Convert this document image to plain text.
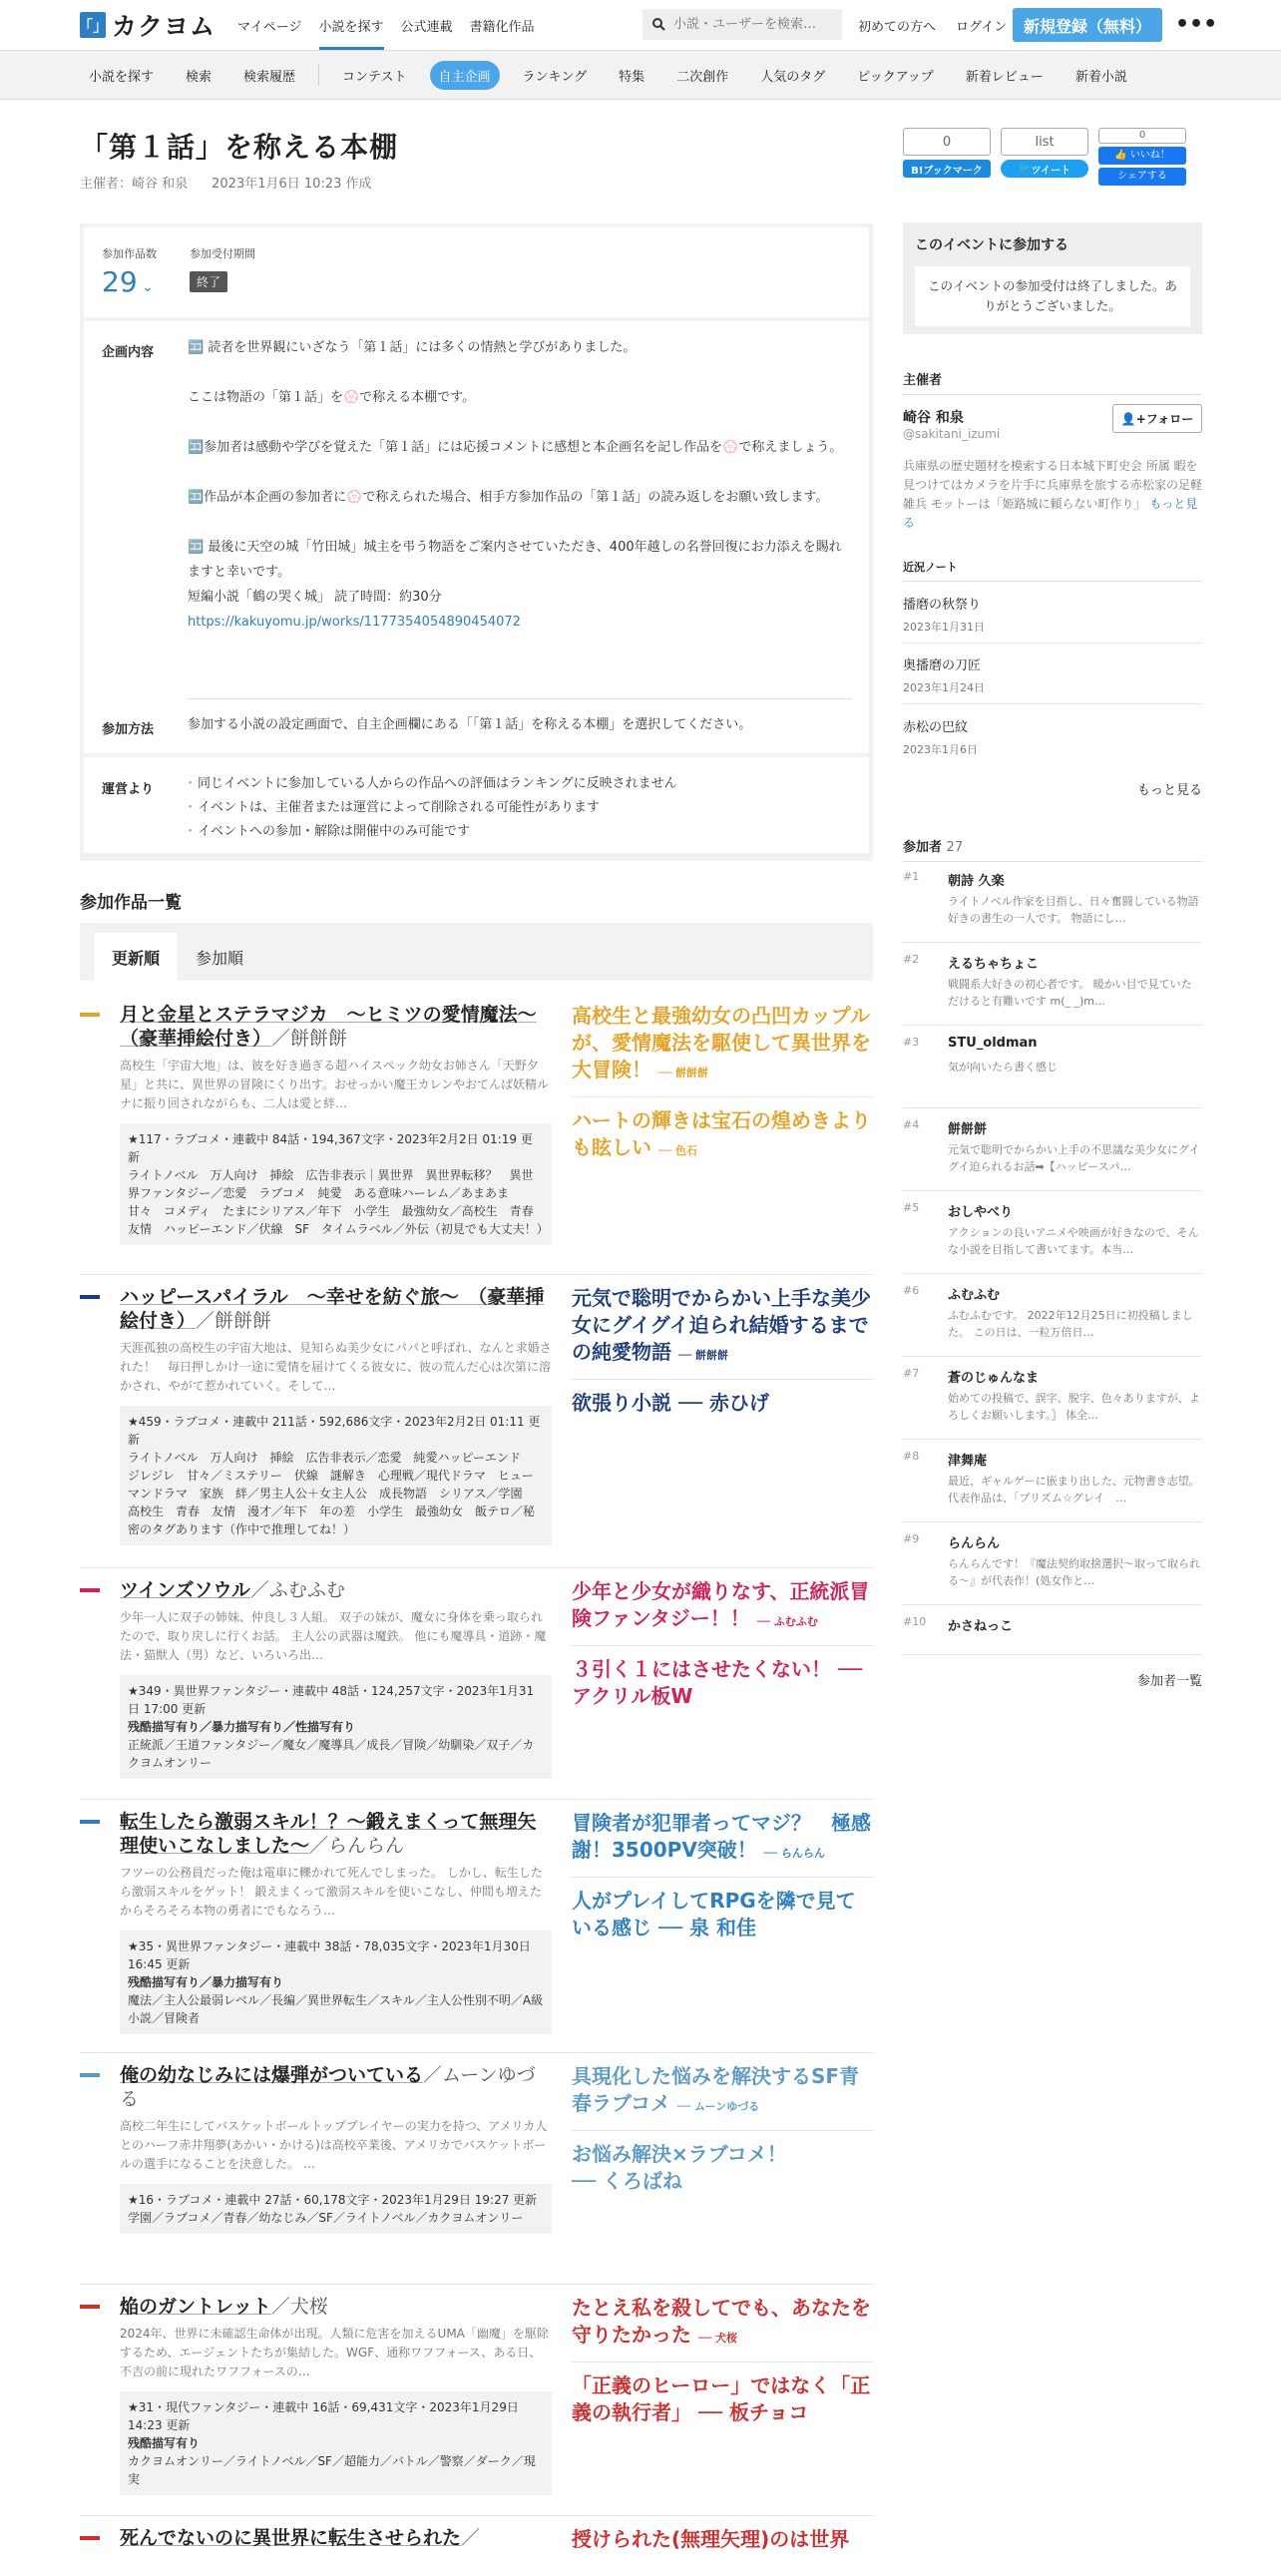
「」 カクヨム マイページ 小説を探す 公式連載 書籍化作品
小説・ユーザーを検索…	初めての方へ ログイン	新規登録（無料）	•••
小説を探す	検索	検索履歴	コンテスト	自主企画	ランキング	特集	二次創作	人気のタグ	ピックアップ	新着レビュー	新着小説
「第１話」を称える本棚
主催者：崎谷 和泉 2023年1月6日 10:23 作成
参加作品数	参加受付期間
29 ⌄	終了
企画内容	🈁 読者を世界観にいざなう「第１話」には多くの情熱と学びがありました。
ここは物語の「第１話」を💮で称える本棚です。
🈁参加者は感動や学びを覚えた「第１話」には応援コメントに感想と本企画名を記し作品を💮で称えましょう。
🈁作品が本企画の参加者に💮で称えられた場合、相手方参加作品の「第１話」の読み返しをお願い致します。
🈁 最後に天空の城「竹田城」城主を弔う物語をご案内させていただき、400年越しの名誉回復にお力添えを賜れますと幸いです。
短編小説「鶴の哭く城」 読了時間：約30分
https://kakuyomu.jp/works/1177354054890454072
参加方法	参加する小説の設定画面で、自主企画欄にある「「第１話」を称える本棚」を選択してください。
運営より
・	同じイベントに参加している人からの作品への評価はランキングに反映されません
・ イベントは、主催者または運営によって削除される可能性があります
・ イベントへの参加・解除は開催中のみ可能です
参加作品一覧
更新順	参加順
月と金星とステラマジカ　～ヒミツの愛情魔法～（豪華挿絵付き）／餅餅餅
高校生「宇宙大地」は、彼を好き過ぎる超ハイスペック幼女お姉さん「天野夕星」と共に、異世界の冒険にくり出す。おせっかい魔王カレンやおてんば妖精ルナに振り回されながらも、二人は愛と絆…
★117・ラブコメ・連載中 84話・194,367文字・2023年2月2日 01:19 更新
ライトノベル　万人向け　挿絵　広告非表示｜異世界　異世界転移？　異世界ファンタジー／恋愛　ラブコメ　純愛　ある意味ハーレム／あまあま　甘々　コメディ　たまにシリアス／年下　小学生　最強幼女／高校生　青春　友情　ハッピーエンド／伏線　SF　タイムラベル／外伝（初見でも大丈夫！）
高校生と最強幼女の凸凹カップルが、愛情魔法を駆使して異世界を大冒険！ ── 餅餅餅
ハートの輝きは宝石の煌めきよりも眩しい ── 色石
ハッピースパイラル　～幸せを紡ぐ旅～　（豪華挿絵付き）／餅餅餅
天涯孤独の高校生の宇宙大地は、見知らぬ美少女にパパと呼ばれ、なんと求婚された！　毎日押しかけ一途に愛情を届けてくる彼女に、彼の荒んだ心は次第に溶かされ、やがて惹かれていく。そして…
★459・ラブコメ・連載中 211話・592,686文字・2023年2月2日 01:11 更新
ライトノベル　万人向け　挿絵　広告非表示／恋愛　純愛ハッピーエンド　ジレジレ　甘々／ミステリー　伏線　謎解き　心理戦／現代ドラマ　ヒューマンドラマ　家族　絆／男主人公＋女主人公　成長物語　シリアス／学園　高校生　青春　友情　漫才／年下　年の差　小学生　最強幼女　飯テロ／秘密のタグあります（作中で推理してね！）
元気で聡明でからかい上手な美少女にグイグイ迫られ結婚するまでの純愛物語 ── 餅餅餅
欲張り小説 ── 赤ひげ
ツインズソウル／ふむふむ
少年一人に双子の姉妹、仲良し３人組。 双子の妹が、魔女に身体を乗っ取られたので、取り戻しに行くお話。 主人公の武器は魔鉄。 他にも魔導具・道跡・魔法・猫獣人（男）など、いろいろ出…
★349・異世界ファンタジー・連載中 48話・124,257文字・2023年1月31日 17:00 更新
残酷描写有り／暴力描写有り／性描写有り
正統派／王道ファンタジー／魔女／魔導具／成長／冒険／幼馴染／双子／カクヨムオンリー
少年と少女が織りなす、正統派冒険ファンタジー！！ ── ふむふむ
３引く１にはさせたくない！ ── アクリル板W
転生したら激弱スキル！？〜鍛えまくって無理矢理使いこなしました〜／らんらん
フツーの公務員だった俺は電車に轢かれて死んでしまった。 しかし、転生したら激弱スキルをゲット！ 鍛えまくって激弱スキルを使いこなし、仲間も増えたからそろそろ本物の勇者にでもなろう…
★35・異世界ファンタジー・連載中 38話・78,035文字・2023年1月30日 16:45 更新
残酷描写有り／暴力描写有り
魔法／主人公最弱レベル／長編／異世界転生／スキル／主人公性別不明／A級小説／冒険者
冒険者が犯罪者ってマジ？　極感謝！3500PV突破！ ── らんらん
人がプレイしてRPGを隣で見ている感じ ── 泉 和佳
俺の幼なじみには爆弾がついている／ムーンゆづる
高校二年生にしてバスケットボールトッププレイヤーの実力を持つ、アメリカ人とのハーフ赤井翔夢(あかい・かける)は高校卒業後、アメリカでバスケットボールの選手になることを決意した。 …
★16・ラブコメ・連載中 27話・60,178文字・2023年1月29日 19:27 更新
学園／ラブコメ／青春／幼なじみ／SF／ライトノベル／カクヨムオンリー
具現化した悩みを解決するSF青春ラブコメ ── ムーンゆづる
お悩み解決×ラブコメ！
── くろばね
焔のガントレット／犬桜
2024年、世界に未確認生命体が出現。人類に危害を加えるUMA「幽魔」を駆除するため、エージェントたちが集結した。WGF、通称ワフフォース、ある日、不吉の前に現れたワフフォースの…
★31・現代ファンタジー・連載中 16話・69,431文字・2023年1月29日 14:23 更新
残酷描写有り
カクヨムオンリー／ライトノベル／SF／超能力／バトル／警察／ダーク／現実
たとえ私を殺してでも、あなたを守りたかった ── 犬桜
「正義のヒーロー」ではなく「正義の執行者」 ── 板チョコ
死んでないのに異世界に転生させられた／	授けられた(無理矢理)のは世界
0
B!ブックマーク
list
🐦 ツイート
0
👍 いいね！
シェアする
このイベントに参加する
このイベントの参加受付は終了しました。ありがとうございました。
主催者
崎谷 和泉
@sakitani_izumi
👤+ フォロー
兵庫県の歴史題材を模索する日本城下町史会 所属 暇を見つけてはカメラを片手に兵庫県を旅する赤松家の足軽雑兵 モットーは「姫路城に頼らない町作り」 もっと見る
近況ノート
播磨の秋祭り
2023年1月31日
奥播磨の刀匠
2023年1月24日
赤松の巴紋
2023年1月6日
もっと見る
参加者 27
#1 朝詩 久楽
ライトノベル作家を目指し、日々奮闘している物語好きの書生の一人です。 物語にし…
#2 えるちゃちょこ
戦闘系大好きの初心者です。 暖かい目で見ていただけると有難いです m(_ _)m…
#3 STU_oldman
気が向いたら書く感じ
#4 餅餅餅
元気で聡明でからかい上手の不思議な美少女にグイグイ迫られるお話➡【ハッピースパ…
#5 おしやべり
アクションの良いアニメや映画が好きなので、そんな小説を目指して書いてます。本当…
#6 ふむふむ
ふむふむです。 2022年12月25日に初投稿しました。 この日は、一粒万倍日…
#7 蒼のじゅんなま
始めての投稿で、誤字、脱字、色々ありますが、よろしくお願いします。〗 体全…
#8 津舞庵
最近、ギャルゲーに嵌まり出した、元物書き志望。代表作品は、「プリズム☆グレイ　…
#9 らんらん
らんらんです！『魔法契約取捨選択〜取って取られる〜』が代表作！(処女作と…
#10 かさねっこ
参加者一覧
